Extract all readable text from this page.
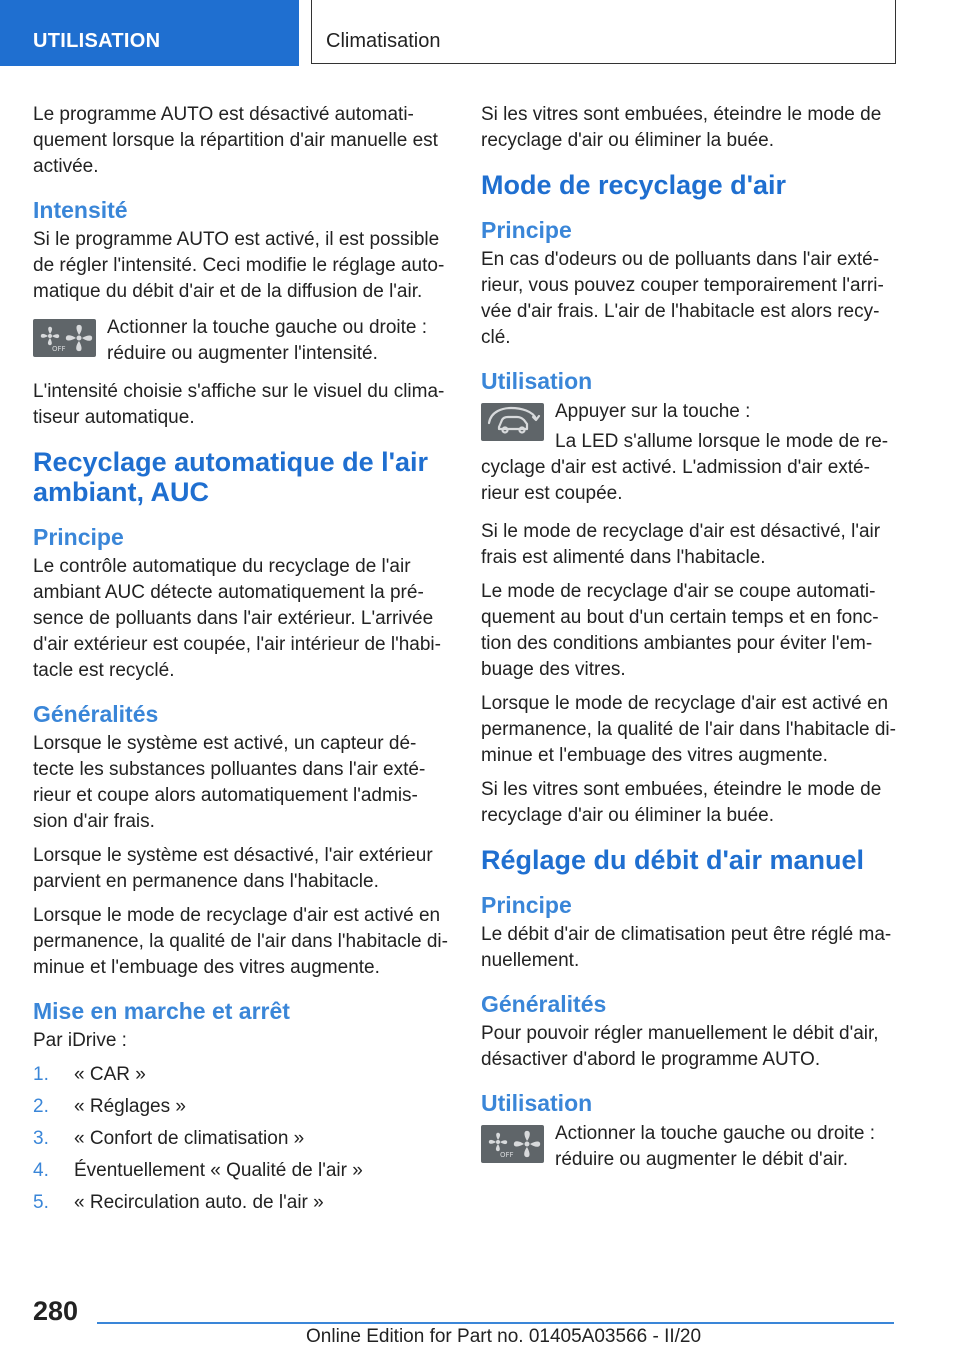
UTILISATION	Climatisation

Le programme AUTO est désactivé automati-quement lorsque la répartition d'air manuelle est activée.

Intensité

Si le programme AUTO est activé, il est possible de régler l'intensité. Ceci modifie le réglage auto-matique du débit d'air et de la diffusion de l'air.

OFF

Actionner la touche gauche ou droite : réduire ou augmenter l'intensité.

L'intensité choisie s'affiche sur le visuel du clima-tiseur automatique.

Recyclage automatique de l'air ambiant, AUC
Principe

Le contrôle automatique du recyclage de l'air ambiant AUC détecte automatiquement la pré-sence de polluants dans l'air extérieur. L'arrivée d'air extérieur est coupée, l'air intérieur de l'habi-tacle est recyclé.

Généralités

Lorsque le système est activé, un capteur dé-tecte les substances polluantes dans l'air exté-rieur et coupe alors automatiquement l'admis-sion d'air frais.

Lorsque le système est désactivé, l'air extérieur parvient en permanence dans l'habitacle.

Lorsque le mode de recyclage d'air est activé en permanence, la qualité de l'air dans l'habitacle di-minue et l'embuage des vitres augmente.

Mise en marche et arrêt

Par iDrive :

1. « CAR »
2. « Réglages »
3. « Confort de climatisation »
4. Éventuellement « Qualité de l'air »
5. « Recirculation auto. de l'air »

Si les vitres sont embuées, éteindre le mode de recyclage d'air ou éliminer la buée.

Mode de recyclage d'air
Principe

En cas d'odeurs ou de polluants dans l'air exté-rieur, vous pouvez couper temporairement l'arri-vée d'air frais. L'air de l'habitacle est alors recy-clé.

Utilisation

Appuyer sur la touche :

La LED s'allume lorsque le mode de re-cyclage d'air est activé. L'admission d'air exté-rieur est coupée.

Si le mode de recyclage d'air est désactivé, l'air frais est alimenté dans l'habitacle.

Le mode de recyclage d'air se coupe automati-quement au bout d'un certain temps et en fonc-tion des conditions ambiantes pour éviter l'em-buage des vitres.

Lorsque le mode de recyclage d'air est activé en permanence, la qualité de l'air dans l'habitacle di-minue et l'embuage des vitres augmente.

Si les vitres sont embuées, éteindre le mode de recyclage d'air ou éliminer la buée.

Réglage du débit d'air manuel
Principe

Le débit d'air de climatisation peut être réglé ma-nuellement.

Généralités

Pour pouvoir régler manuellement le débit d'air, désactiver d'abord le programme AUTO.

Utilisation
OFF

Actionner la touche gauche ou droite : réduire ou augmenter le débit d'air.

280
Online Edition for Part no. 01405A03566 - II/20
